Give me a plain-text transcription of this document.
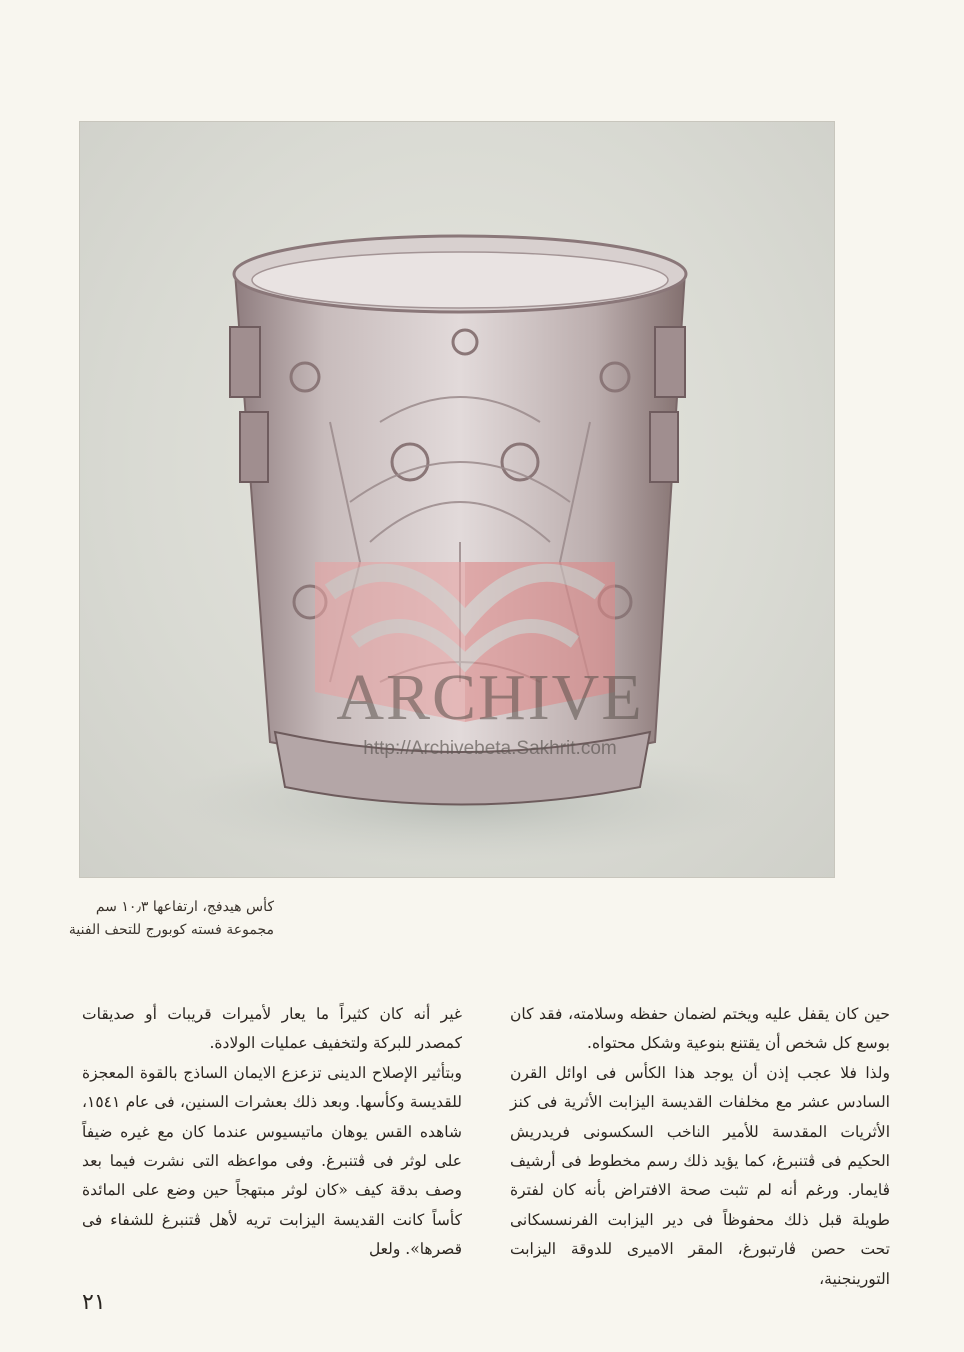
ARCHIVE
http://Archivebeta.Sakhrit.com
كأس هيدفج، ارتفاعها ١٠٫٣ سم
مجموعة فسته كوبورج للتحف الفنية

حين كان يقفل عليه ويختم لضمان حفظه وسلامته، فقد كان بوسع كل شخص أن يقتنع بنوعية وشكل محتواه.

ولذا فلا عجب إذن أن يوجد هذا الكأس فى اوائل القرن السادس عشر مع مخلفات القديسة اليزابت الأثرية فى كنز الأثريات المقدسة للأمير الناخب السكسونى فريدريش الحكيم فى ڤتنبرغ، كما يؤيد ذلك رسم مخطوط فى أرشيف ڤايمار. ورغم أنه لم تثبت صحة الافتراض بأنه كان لفترة طويلة قبل ذلك محفوظاً فى دير اليزابت الفرنسسكانى تحت حصن ڤارتبورغ، المقر الاميرى للدوقة اليزابت التورينجنية،

غير أنه كان كثيراً ما يعار لأميرات قريبات أو صديقات كمصدر للبركة ولتخفيف عمليات الولادة.

وبتأثير الإصلاح الدينى تزعزع الايمان الساذج بالقوة المعجزة للقديسة وكأسها. وبعد ذلك بعشرات السنين، فى عام ١٥٤١، شاهده القس يوهان ماتيسيوس عندما كان مع غيره ضيفاً على لوثر فى ڤتنبرغ. وفى مواعظه التى نشرت فيما بعد وصف بدقة كيف «كان لوثر مبتهجاً حين وضع على المائدة كأساً كانت القديسة اليزابت تريه لأهل ڤتنبرغ للشفاء فى قصرها». ولعل

٢١
